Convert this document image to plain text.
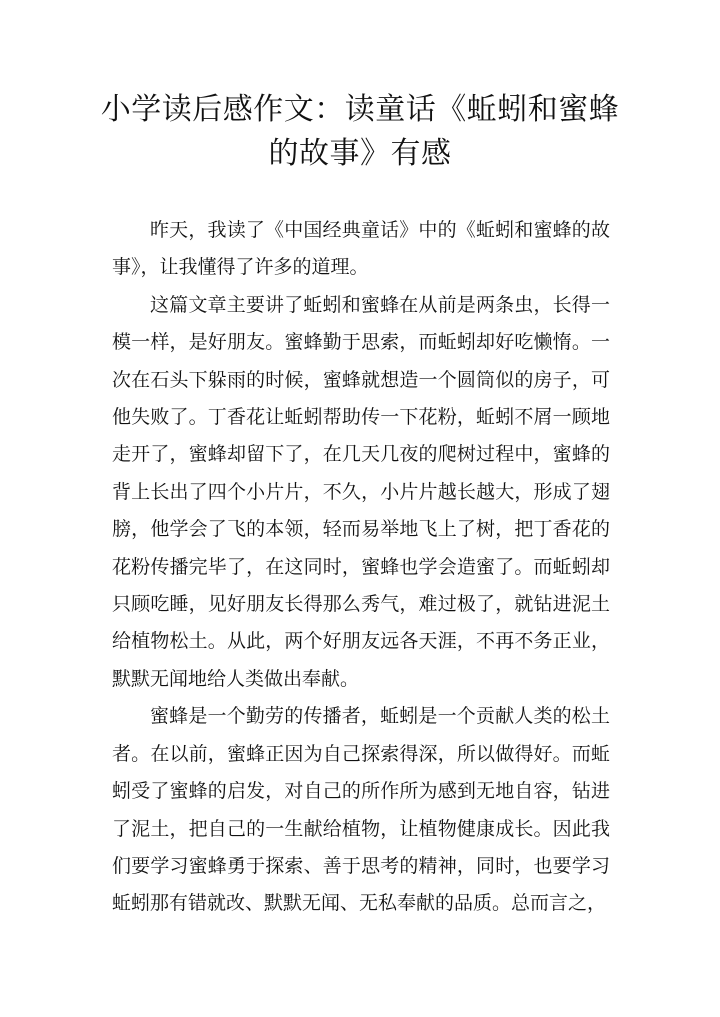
小学读后感作文：读童话《蚯蚓和蜜蜂
的故事》有感

昨天，我读了《中国经典童话》中的《蚯蚓和蜜蜂的故事》，让我懂得了许多的道理。

这篇文章主要讲了蚯蚓和蜜蜂在从前是两条虫，长得一模一样，是好朋友。蜜蜂勤于思索，而蚯蚓却好吃懒惰。一次在石头下躲雨的时候，蜜蜂就想造一个圆筒似的房子，可他失败了。丁香花让蚯蚓帮助传一下花粉，蚯蚓不屑一顾地走开了，蜜蜂却留下了，在几天几夜的爬树过程中，蜜蜂的背上长出了四个小片片，不久，小片片越长越大，形成了翅膀，他学会了飞的本领，轻而易举地飞上了树，把丁香花的花粉传播完毕了，在这同时，蜜蜂也学会造蜜了。而蚯蚓却只顾吃睡，见好朋友长得那么秀气，难过极了，就钻进泥土给植物松土。从此，两个好朋友远各天涯，不再不务正业，默默无闻地给人类做出奉献。

蜜蜂是一个勤劳的传播者，蚯蚓是一个贡献人类的松土者。在以前，蜜蜂正因为自己探索得深，所以做得好。而蚯蚓受了蜜蜂的启发，对自己的所作所为感到无地自容，钻进了泥土，把自己的一生献给植物，让植物健康成长。因此我们要学习蜜蜂勇于探索、善于思考的精神，同时，也要学习蚯蚓那有错就改、默默无闻、无私奉献的品质。总而言之，
